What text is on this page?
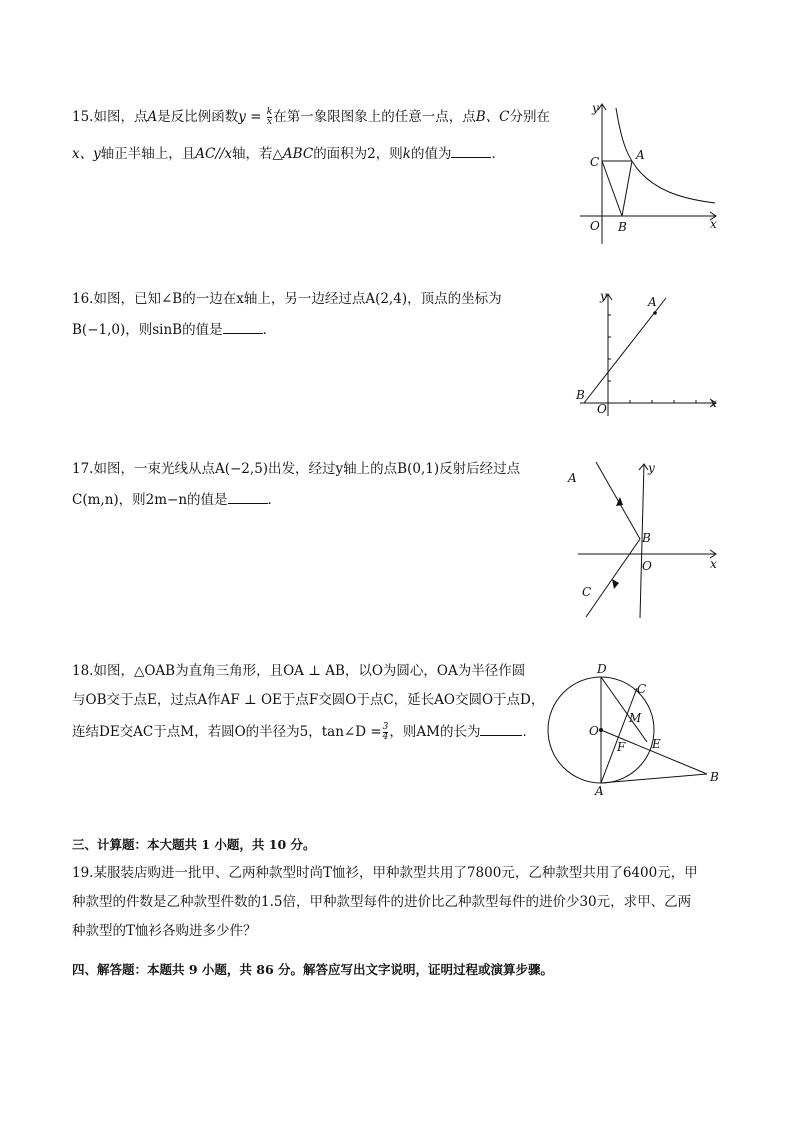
15.如图，点A是反比例函数$y = \frac{k}{x}$ 在第一象限图象上的任意一点，点B、C分别在
x、y轴正半轴上，且AC//x轴，若△ABC的面积为2，则k的值为	．
y
C	A
O B	x
16.如图，已知∠B的一边在x轴上，另一边经过点A(2,4)，顶点的坐标为
B(−1,0)，则sinB的值是	．
y	A
B
O	x
17.如图，一束光线从点A(−2,5)出发，经过y轴上的点B(0,1)反射后经过点
C(m,n)，则2m−n的值是	．
A
y
B
O	x
C
18.如图，△OAB为直角三角形，且OA ⊥ AB，以O为圆心，OA为半径作圆
与OB交于点E，过点A作AF ⊥ OE于点F交圆O于点C，延长AO交圆O于点D，
连结DE交AC于点M，若圆O的半径为5，tan∠D = $\frac{3}{4}$ ，则AM的长为	．
D
C
M
O
E
F
A
B
三、计算题：本大题共 1 小题，共 10 分。
19.某服装店购进一批甲、乙两种款型时尚T恤衫，甲种款型共用了7800元，乙种款型共用了6400元，甲
种款型的件数是乙种款型件数的1.5倍，甲种款型每件的进价比乙种款型每件的进价少30元，求甲、乙两
种款型的T恤衫各购进多少件？
四、解答题：本题共 9 小题，共 86 分。解答应写出文字说明，证明过程或演算步骤。
